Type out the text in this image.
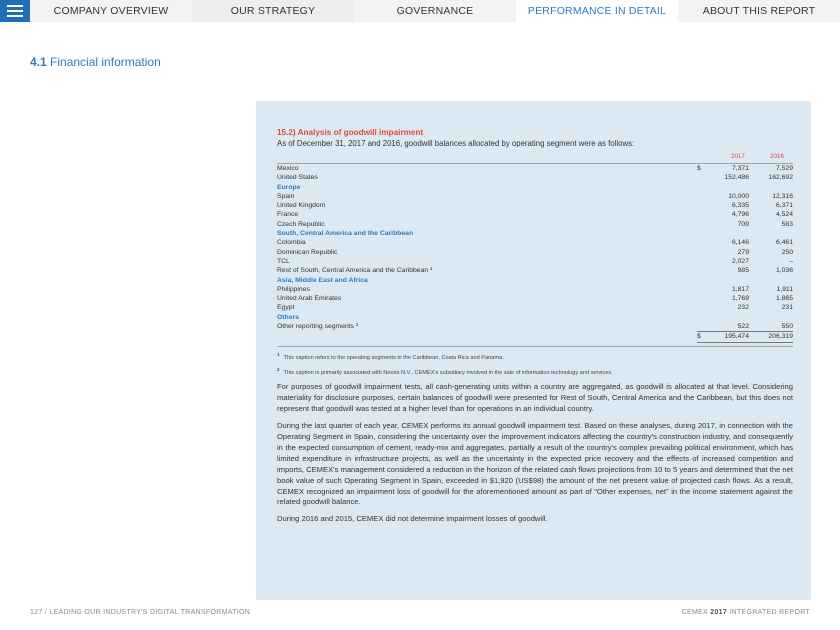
COMPANY OVERVIEW	OUR STRATEGY	GOVERNANCE	PERFORMANCE IN DETAIL	ABOUT THIS REPORT
4.1 Financial information
15.2) Analysis of goodwill impairment
As of December 31, 2017 and 2016, goodwill balances allocated by operating segment were as follows:
2017	2016
Mexico	$	7,371		7,529
United States		152,486		162,692
Europe				
Spain		10,000		12,316
United Kingdom		6,335		6,371
France		4,796		4,524
Czech Republic		709		583
South, Central America and the Caribbean				
Colombia		6,146		6,461
Dominican Republic		279		250
TCL		2,027		–
Rest of South, Central America and the Caribbean ¹		985		1,036
Asia, Middle East and Africa				
Philippines		1,817		1,911
United Arab Emirates		1,769		1,865
Egypt		232		231
Others				
Other reporting segments ²		522		550
	$	195,474		206,319
$^1$This caption refers to the operating segments in the Caribbean, Costa Rica and Panama.
$^2$This caption is primarily associated with Neoris N.V., CEMEX's subsidiary involved in the sale of information technology and services.
For purposes of goodwill impairment tests, all cash-generating units within a country are aggregated, as goodwill is allocated at that level. Considering materiality for disclosure purposes, certain balances of goodwill were presented for Rest of South, Central America and the Caribbean, but this does not represent that goodwill was tested at a higher level than for operations in an individual country.
During the last quarter of each year, CEMEX performs its annual goodwill impairment test. Based on these analyses, during 2017, in connection with the Operating Segment in Spain, considering the uncertainty over the improvement indicators affecting the country's construction industry, and consequently in the expected consumption of cement, ready-mix and aggregates, partially a result of the country's complex prevailing political environment, which has limited expenditure in infrastructure projects, as well as the uncertainty in the expected price recovery and the effects of increased competition and imports, CEMEX's management considered a reduction in the horizon of the related cash flows projections from 10 to 5 years and determined that the net book value of such Operating Segment in Spain, exceeded in $1,920 (US$98) the amount of the net present value of projected cash flows. As a result, CEMEX recognized an impairment loss of goodwill for the aforementioned amount as part of "Other expenses, net" in the income statement against the related goodwill balance.
During 2016 and 2015, CEMEX did not determine impairment losses of goodwill.
127 / LEADING OUR INDUSTRY'S DIGITAL TRANSFORMATION	CEMEX 2017 INTEGRATED REPORT
